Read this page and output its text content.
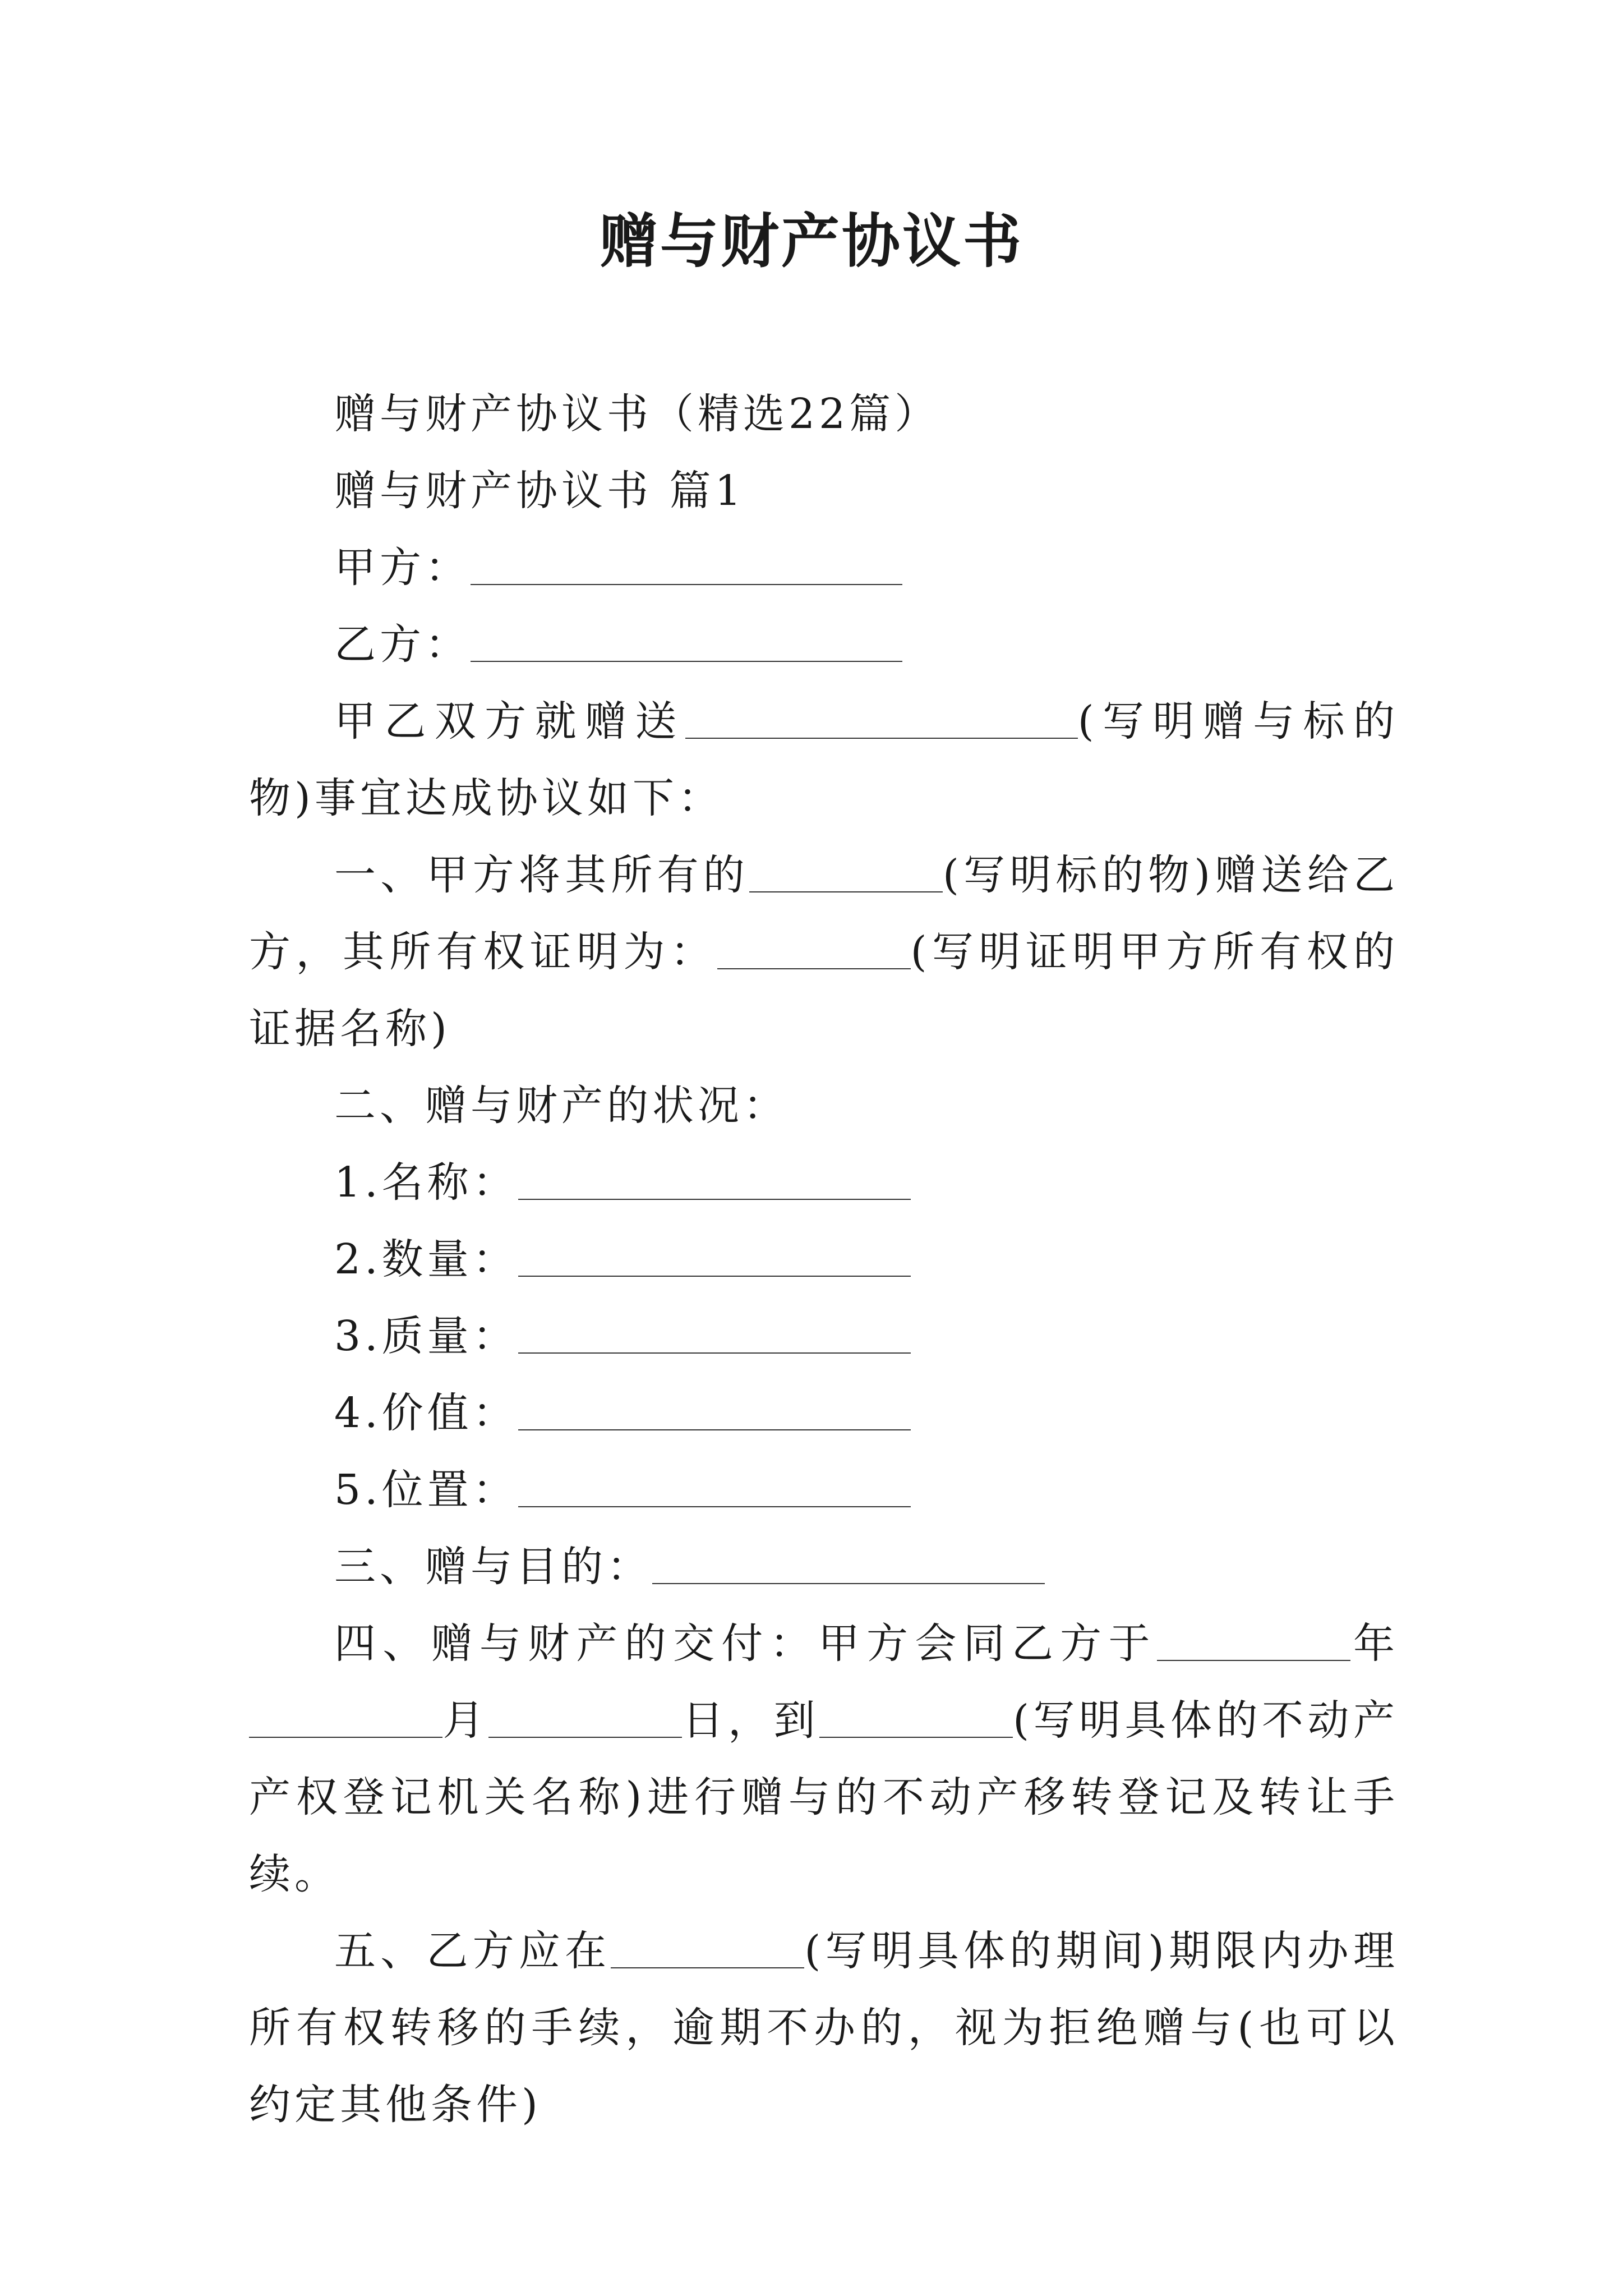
赠与财产协议书

赠与财产协议书（精选22篇）

赠与财产协议书 篇1

甲方：

乙方：

甲乙双方就赠送	(写明赠与标的物)事宜达成协议如下：

一、甲方将其所有的	(写明标的物)赠送给乙方，其所有权证明为：	(写明证明甲方所有权的证据名称)

二、赠与财产的状况：

1.名称：

2.数量：

3.质量：

4.价值：

5.位置：

三、赠与目的：

四、赠与财产的交付：甲方会同乙方于	年月	日，到	(写明具体的不动产产权登记机关名称)进行赠与的不动产移转登记及转让手续。

五、乙方应在	(写明具体的期间)期限内办理所有权转移的手续，逾期不办的，视为拒绝赠与(也可以约定其他条件)
